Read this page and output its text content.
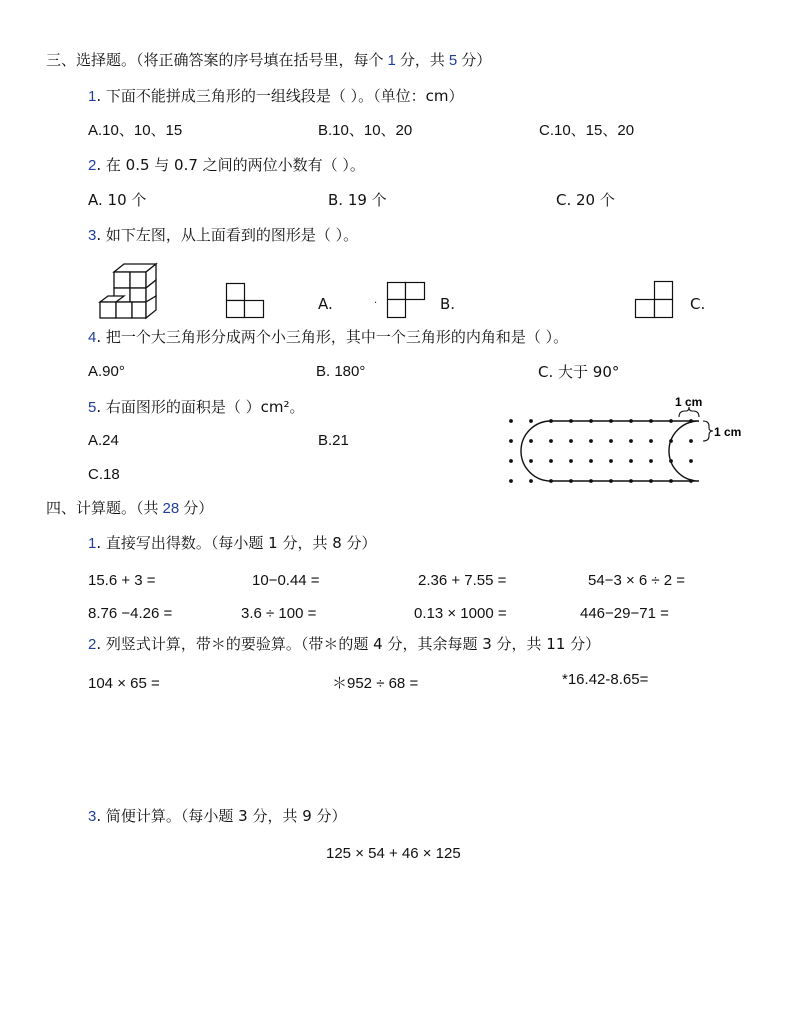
三、选择题。（将正确答案的序号填在括号里，每个 1 分，共 5 分）
1. 下面不能拼成三角形的一组线段是（ ）。（单位：cm）
A.10、10、15	B.10、10、20	C.10、15、20
2. 在 0.5 与 0.7 之间的两位小数有（ ）。
A. 10 个	B. 19 个	C. 20 个
3. 如下左图，从上面看到的图形是（ ）。
A.	·	B.	C.
4. 把一个大三角形分成两个小三角形，其中一个三角形的内角和是（ ）。
A.90°	B. 180°	C. 大于 90°
5. 右面图形的面积是（ ）cm²。
A.24	B.21
C.18
1 cm
1 cm
四、计算题。（共 28 分）
1. 直接写出得数。（每小题 1 分，共 8 分）
15.6 + 3 =	10−0.44 =	2.36 + 7.55 =	54−3 × 6 ÷ 2 =
8.76 −4.26 =	3.6 ÷ 100 =	0.13 × 1000 =	446−29−71 =
2. 列竖式计算，带＊的要验算。（带＊的题 4 分，其余每题 3 分，共 11 分）
104 × 65 =	＊952 ÷ 68 =	*16.42-8.65=
3. 简便计算。（每小题 3 分，共 9 分）
125 × 54 + 46 × 125
